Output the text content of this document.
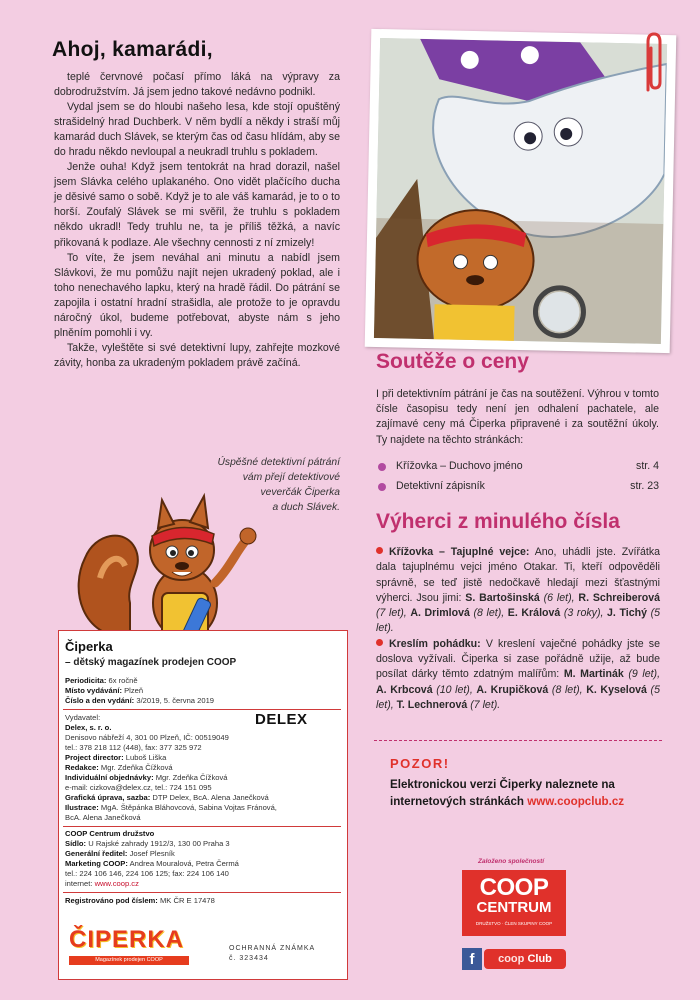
Ahoj, kamarádi,

teplé červnové počasí přímo láká na výpravy za dobrodružstvím. Já jsem jedno takové nedávno podnikl.

Vydal jsem se do hloubi našeho lesa, kde stojí opuštěný strašidelný hrad Duchberk. V něm bydlí a někdy i straší můj kamarád duch Slávek, se kterým čas od času hlídám, aby se do hradu někdo nevloupal a neukradl truhlu s pokladem.

Jenže ouha! Když jsem tentokrát na hrad dorazil, našel jsem Slávka celého uplakaného. Ono vidět plačícího ducha je děsivé samo o sobě. Když je to ale váš kamarád, je to o to horší. Zoufalý Slávek se mi svěřil, že truhlu s pokladem někdo ukradl! Tedy truhlu ne, ta je příliš těžká, a navíc přikovaná k podlaze. Ale všechny cennosti z ní zmizely!

To víte, že jsem neváhal ani minutu a nabídl jsem Slávkovi, že mu pomůžu najít nejen ukradený poklad, ale i toho nenechavého lapku, který na hradě řádil. Do pátrání se zapojila i ostatní hradní strašidla, ale protože to je opravdu náročný úkol, budeme potřebovat, abyste nám s jeho plněním pomohli i vy.

Takže, vyleštěte si své detektivní lupy, zahřejte mozkové závity, honba za ukradeným pokladem právě začíná.

Úspěšné detektivní pátrání
vám přejí detektivové
veverčák Čiperka
a duch Slávek.
Čiperka
– dětský magazínek prodejen COOP
Periodicita: 6x ročně
Místo vydávání: Plzeň
Číslo a den vydání: 3/2019, 5. června 2019
Vydavatel:
Delex, s. r. o.	DELEX
Denisovo nábřeží 4, 301 00 Plzeň, IČ: 00519049
tel.: 378 218 112 (448), fax: 377 325 972
Project director: Luboš Liška
Redakce: Mgr. Zdeňka Čížková
Individuální objednávky: Mgr. Zdeňka Čížková
e-mail: cizkova@delex.cz, tel.: 724 151 095
Grafická úprava, sazba: DTP Delex, BcA. Alena Janečková
Ilustrace: MgA. Štěpánka Bláhovcová, Sabina Vojtas Fránová,
BcA. Alena Janečková
COOP Centrum družstvo
Sídlo: U Rajské zahrady 1912/3, 130 00 Praha 3
Generální ředitel: Josef Plesník
Marketing COOP: Andrea Mouralová, Petra Čermá
tel.: 224 106 146, 224 106 125; fax: 224 106 140
internet: www.coop.cz
Registrováno pod číslem: MK ČR E 17478
ČIPERKA
Magazínek prodejen COOP
OCHRANNÁ ZNÁMKA
č. 323434
Soutěže o ceny
I při detektivním pátrání je čas na soutěžení. Výhrou v tomto čísle časopisu tedy není jen odhalení pachatele, ale zajímavé ceny má Čiperka připravené i za soutěžní úkoly. Ty najdete na těchto stránkách:
Křížovka – Duchovo jméno	str. 4
Detektivní zápisník	str. 23
Výherci z minulého čísla

Křížovka – Tajuplné vejce: Ano, uhádli jste. Zvířátka dala tajuplnému vejci jméno Otakar. Ti, kteří odpověděli správně, se teď jistě nedočkavě hledají mezi šťastnými výherci. Jsou jimi: S. Bartošinská (6 let), R. Schreiberová (7 let), A. Drimlová (8 let), E. Králová (3 roky), J. Tichý (5 let).

Kreslím pohádku: V kreslení vaječné pohádky jste se doslova vyžívali. Čiperka si zase pořádně užije, až bude posílat dárky těmto zdatným malířům: M. Martinák (9 let), A. Krbcová (10 let), A. Krupičková (8 let), K. Kyselová (5 let), T. Lechnerová (7 let).

POZOR!
Elektronickou verzi Čiperky naleznete na internetových stránkách www.coopclub.cz
Založeno společností
COOP
CENTRUM
DRUŽSTVO · ČLEN SKUPINY COOP
f	coop Club
